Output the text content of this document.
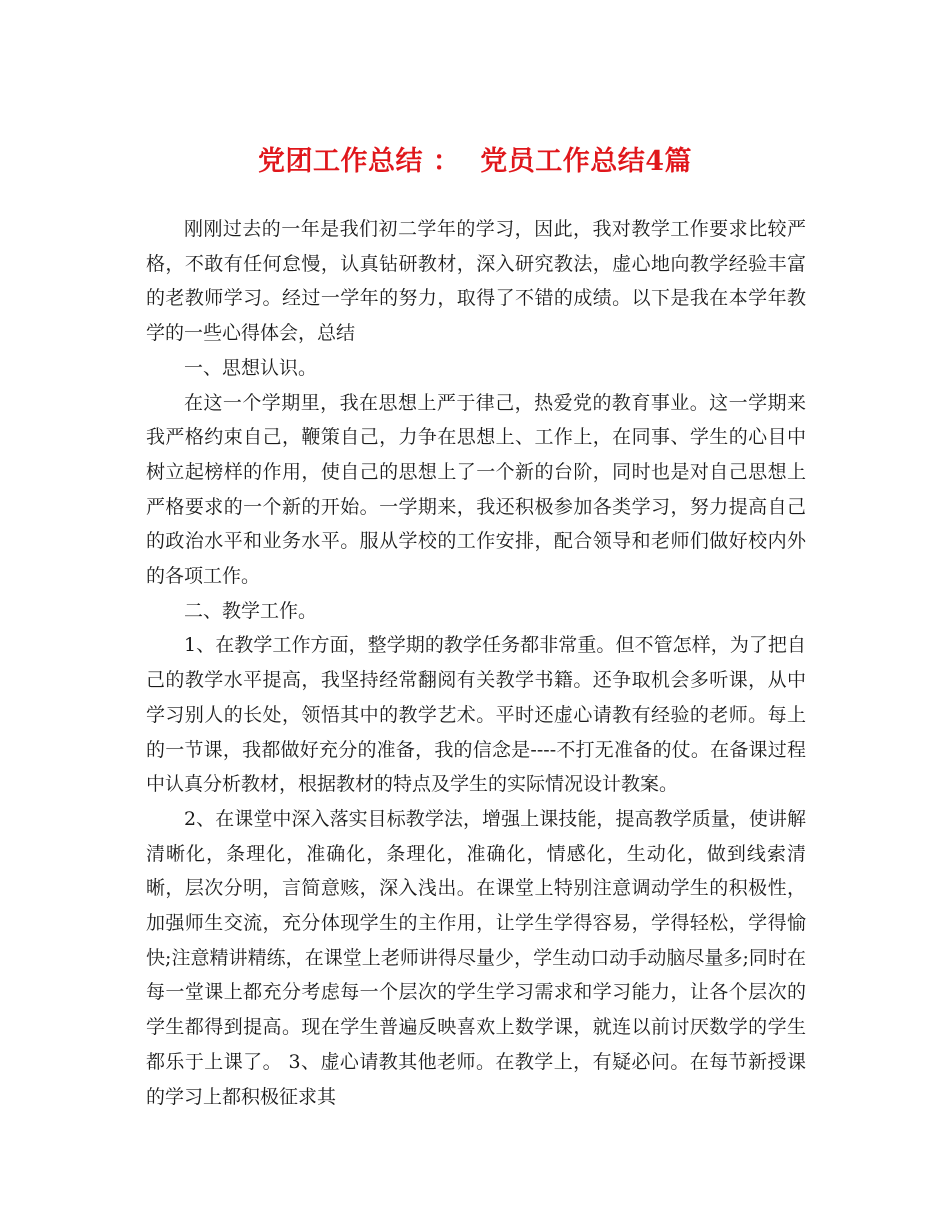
党团工作总结 ：  党员工作总结4篇

刚刚过去的一年是我们初二学年的学习，因此，我对教学工作要求比较严格，不敢有任何怠慢，认真钻研教材，深入研究教法，虚心地向教学经验丰富的老教师学习。经过一学年的努力，取得了不错的成绩。以下是我在本学年教学的一些心得体会，总结

一、思想认识。

在这一个学期里，我在思想上严于律己，热爱党的教育事业。这一学期来我严格约束自己，鞭策自己，力争在思想上、工作上，在同事、学生的心目中树立起榜样的作用，使自己的思想上了一个新的台阶，同时也是对自己思想上严格要求的一个新的开始。一学期来，我还积极参加各类学习，努力提高自己的政治水平和业务水平。服从学校的工作安排，配合领导和老师们做好校内外的各项工作。

二、教学工作。

1、在教学工作方面，整学期的教学任务都非常重。但不管怎样，为了把自己的教学水平提高，我坚持经常翻阅有关教学书籍。还争取机会多听课，从中学习别人的长处，领悟其中的教学艺术。平时还虚心请教有经验的老师。每上的一节课，我都做好充分的准备，我的信念是----不打无准备的仗。在备课过程中认真分析教材，根据教材的特点及学生的实际情况设计教案。

2、在课堂中深入落实目标教学法，增强上课技能，提高教学质量，使讲解清晰化，条理化，准确化，条理化，准确化，情感化，生动化，做到线索清晰，层次分明，言简意赅，深入浅出。在课堂上特别注意调动学生的积极性，加强师生交流，充分体现学生的主作用，让学生学得容易，学得轻松，学得愉快;注意精讲精练，在课堂上老师讲得尽量少，学生动口动手动脑尽量多;同时在每一堂课上都充分考虑每一个层次的学生学习需求和学习能力，让各个层次的学生都得到提高。现在学生普遍反映喜欢上数学课，就连以前讨厌数学的学生都乐于上课了。 3、虚心请教其他老师。在教学上，有疑必问。在每节新授课的学习上都积极征求其
